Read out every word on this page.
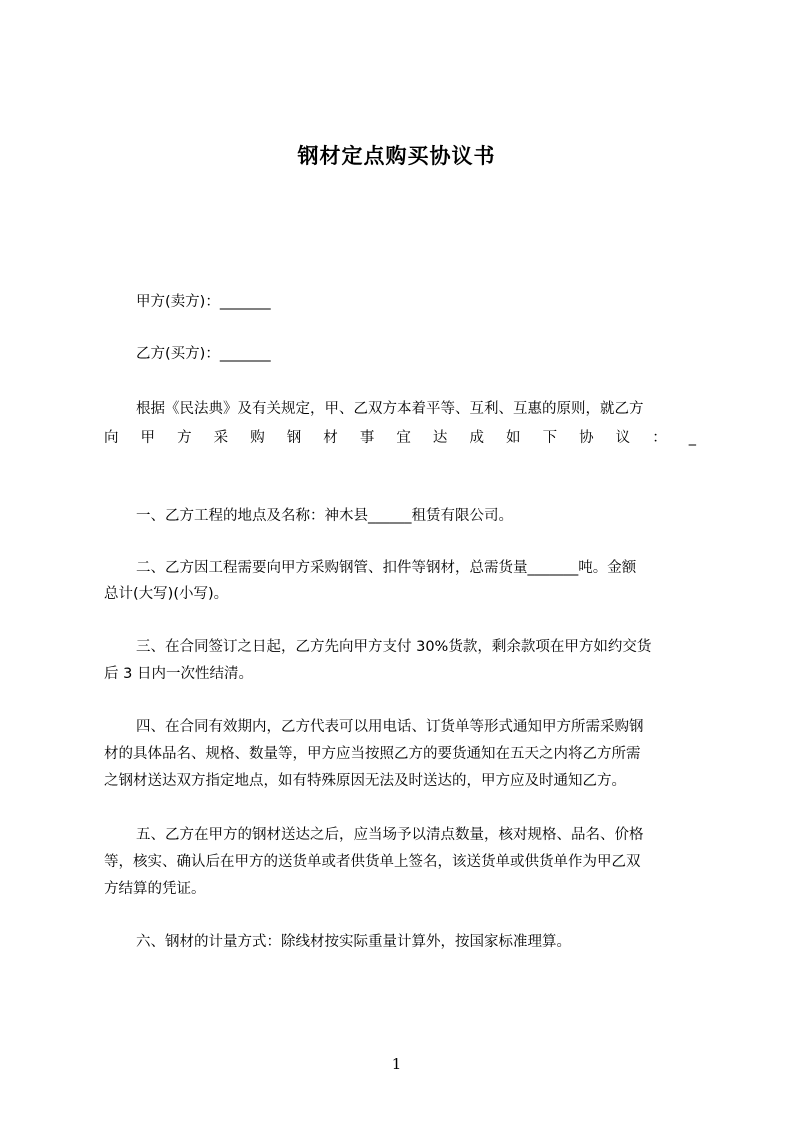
钢材定点购买协议书
甲方(卖方)：_______
乙方(买方)：_______
根据《民法典》及有关规定，甲、乙双方本着平等、互利、互惠的原则，就乙方
向 甲 方 采 购 钢 材 事 宜 达 成 如 下 协 议 ： _
一、乙方工程的地点及名称：神木县______租赁有限公司。
二、乙方因工程需要向甲方采购钢管、扣件等钢材，总需货量_______吨。金额
总计(大写)(小写)。
三、在合同签订之日起，乙方先向甲方支付 30%货款，剩余款项在甲方如约交货
后 3 日内一次性结清。
四、在合同有效期内，乙方代表可以用电话、订货单等形式通知甲方所需采购钢
材的具体品名、规格、数量等，甲方应当按照乙方的要货通知在五天之内将乙方所需
之钢材送达双方指定地点，如有特殊原因无法及时送达的，甲方应及时通知乙方。
五、乙方在甲方的钢材送达之后，应当场予以清点数量，核对规格、品名、价格
等，核实、确认后在甲方的送货单或者供货单上签名，该送货单或供货单作为甲乙双
方结算的凭证。
六、钢材的计量方式：除线材按实际重量计算外，按国家标准理算。
1
